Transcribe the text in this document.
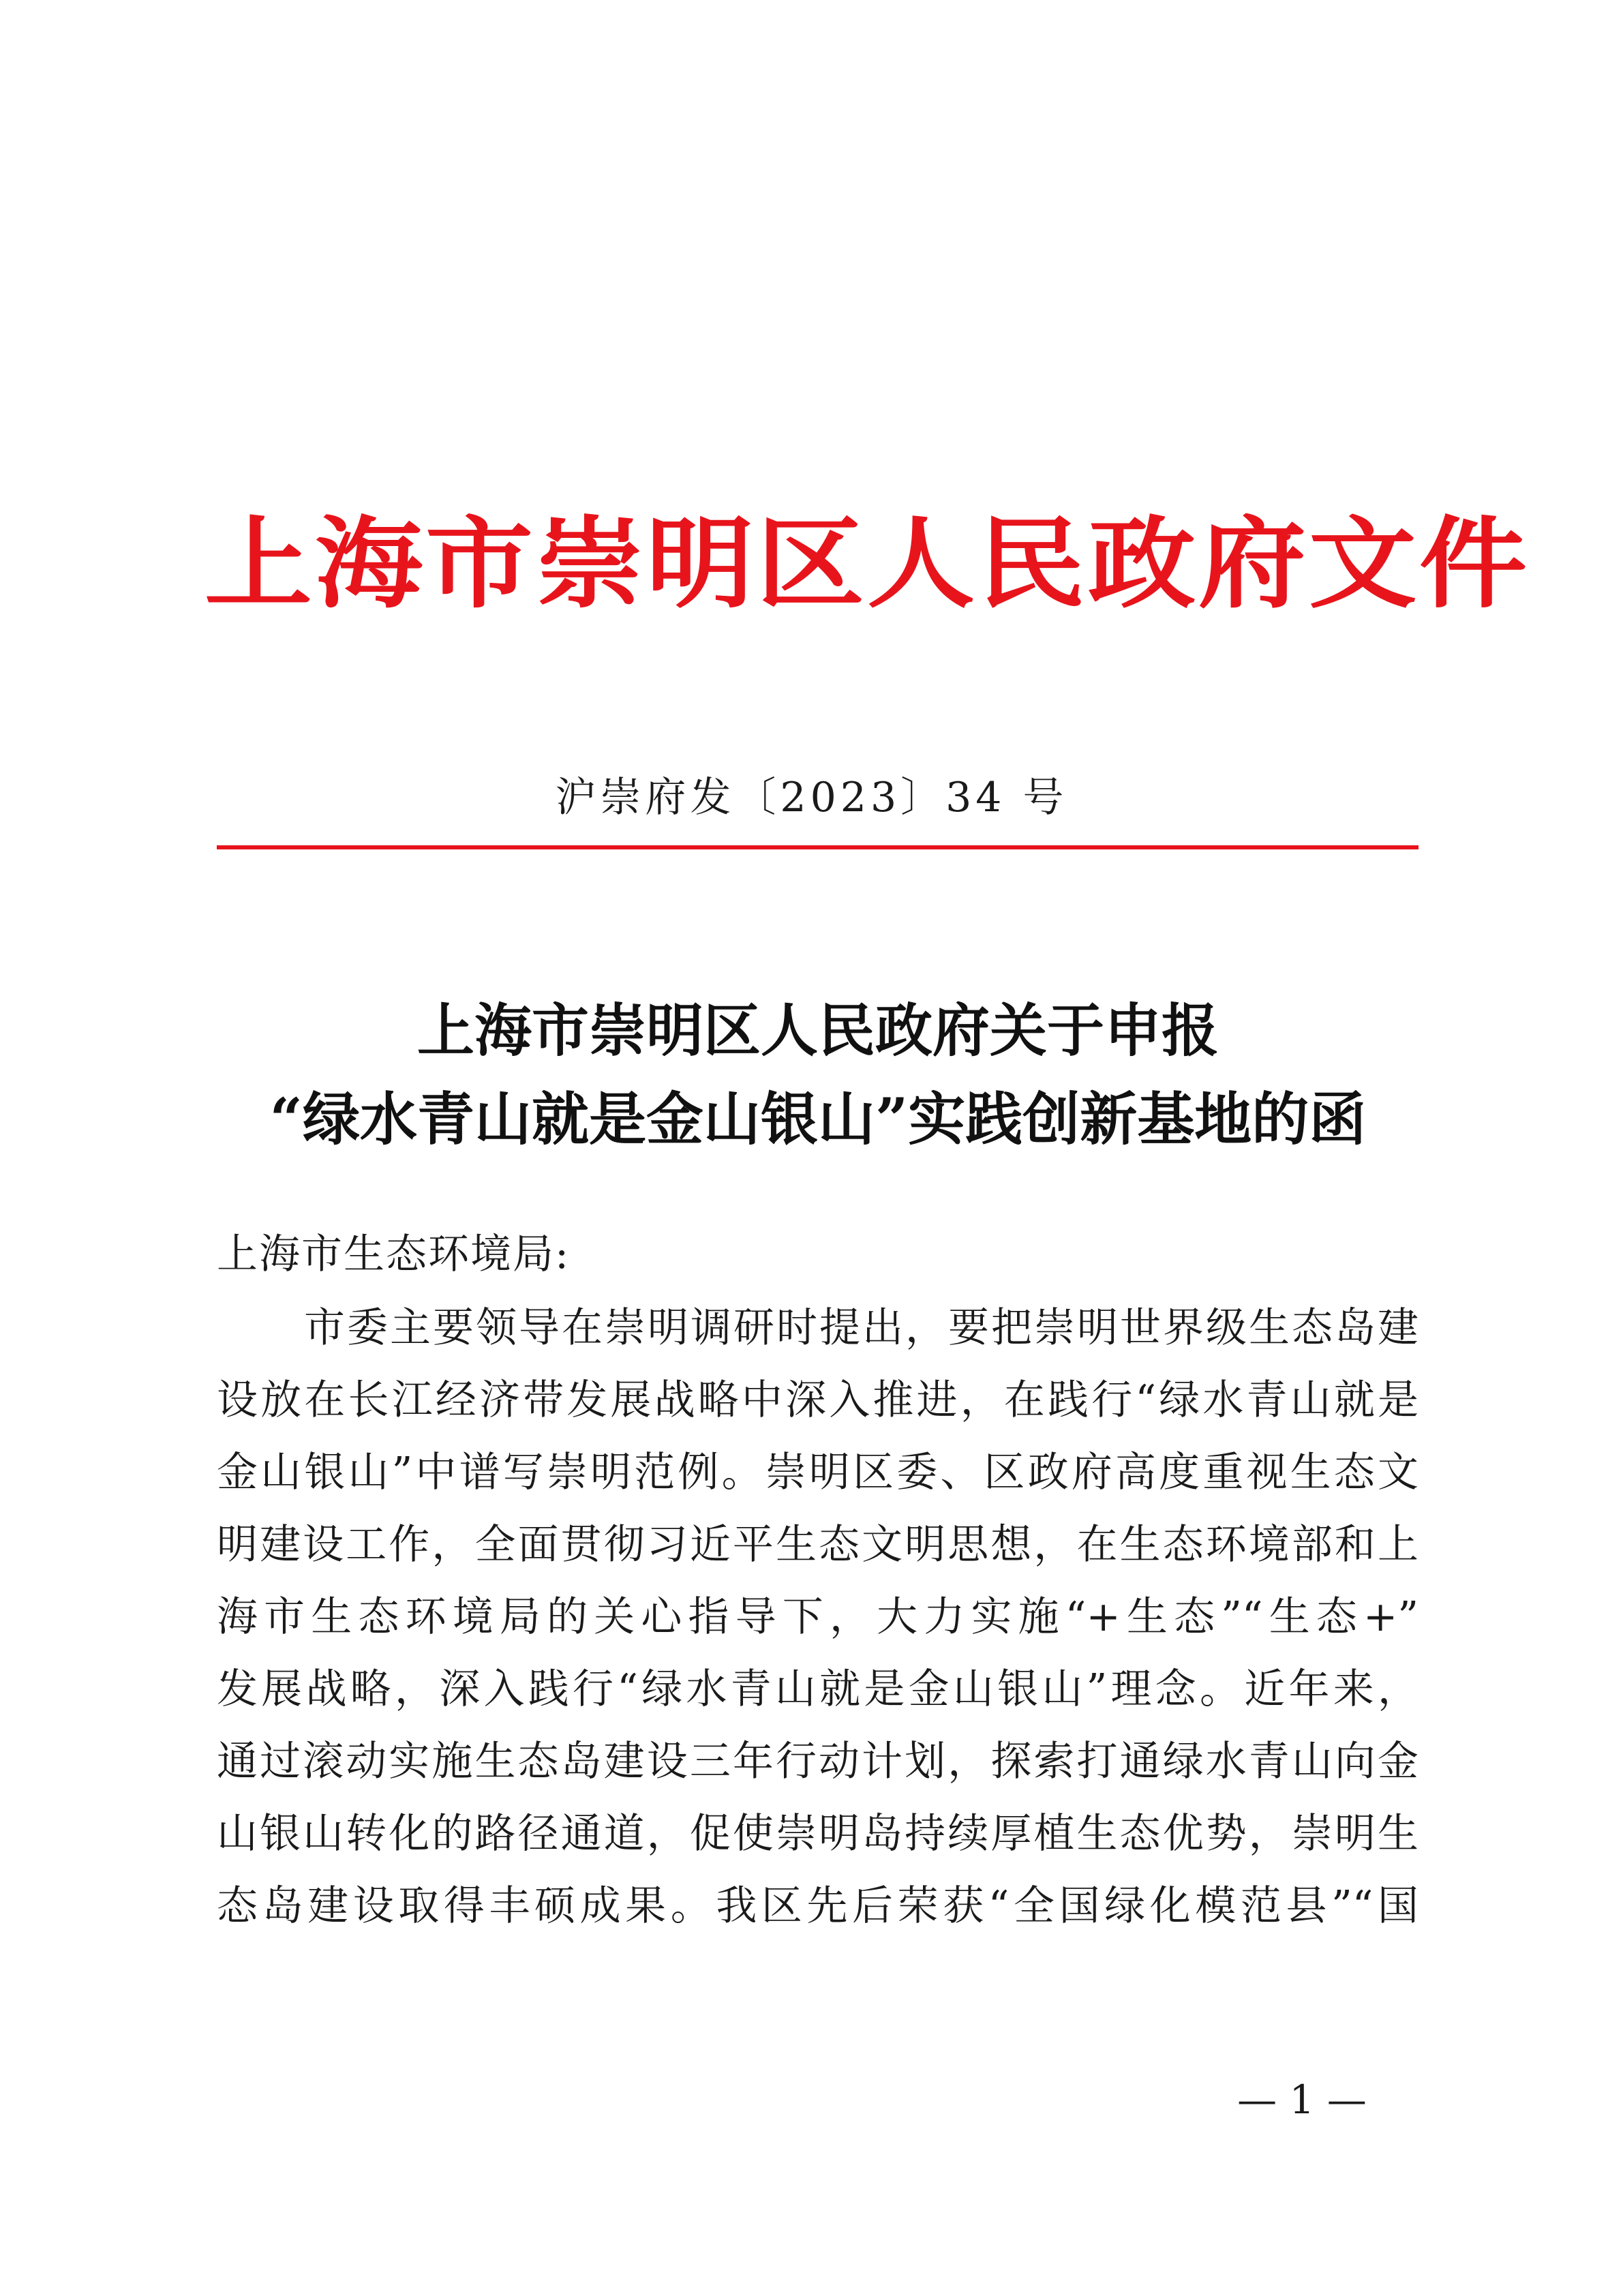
上海市崇明区人民政府文件
沪崇府发〔2023〕34 号
上海市崇明区人民政府关于申报
“绿水青山就是金山银山”实践创新基地的函
上海市生态环境局:
市委主要领导在崇明调研时提出，要把崇明世界级生态岛建
设放在长江经济带发展战略中深入推进，在践行“绿水青山就是
金山银山”中谱写崇明范例。崇明区委、区政府高度重视生态文
明建设工作，全面贯彻习近平生态文明思想，在生态环境部和上
海市生态环境局的关心指导下，大力实施“+生态”“生态+”
发展战略，深入践行“绿水青山就是金山银山”理念。近年来，
通过滚动实施生态岛建设三年行动计划，探索打通绿水青山向金
山银山转化的路径通道，促使崇明岛持续厚植生态优势，崇明生
态岛建设取得丰硕成果。我区先后荣获“全国绿化模范县”“国
— 1 —
